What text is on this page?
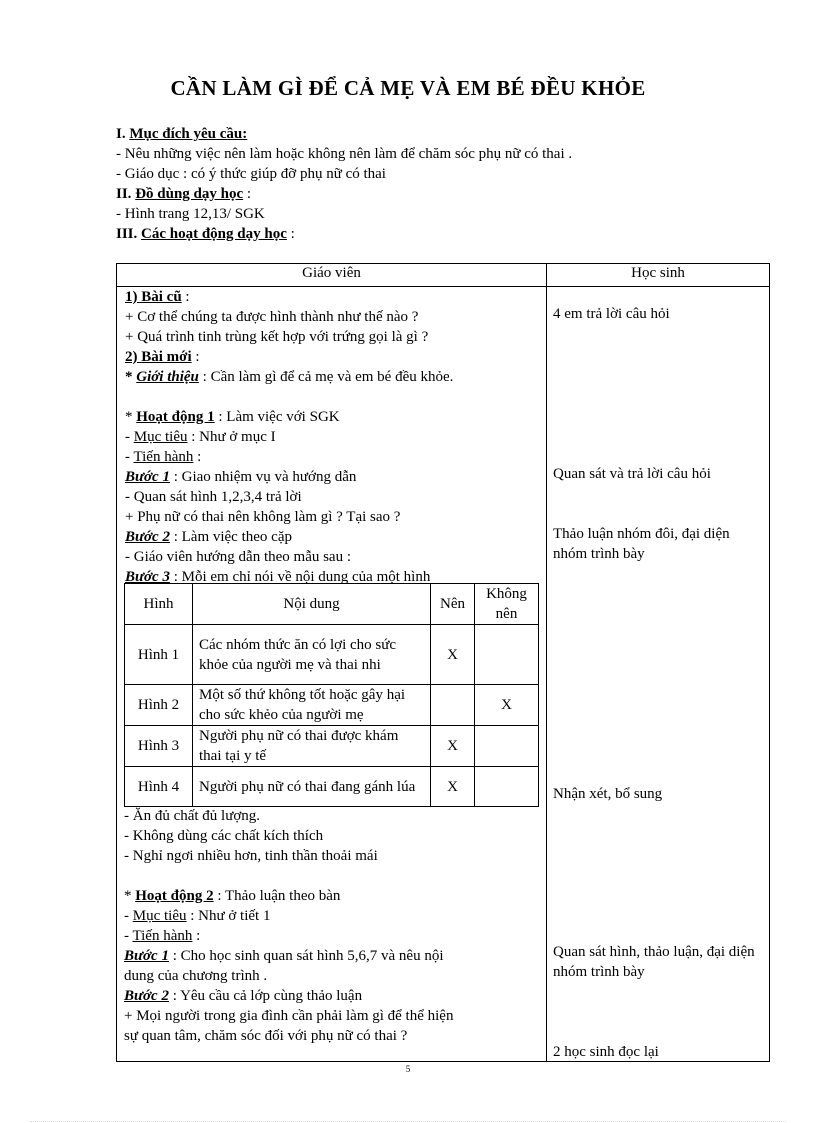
CẦN LÀM GÌ ĐỂ CẢ MẸ VÀ EM BÉ ĐỀU KHỎE
I. Mục đích yêu cầu:
- Nêu những việc nên làm hoặc không nên làm để chăm sóc phụ nữ có thai .
- Giáo dục : có ý thức giúp đỡ phụ nữ có thai
II. Đồ dùng dạy học :
- Hình trang 12,13/ SGK
III. Các hoạt động dạy học :
Giáo viên	Học sinh
1) Bài cũ :
+ Cơ thể chúng ta được hình thành như thế nào ?
+ Quá trình tinh trùng kết hợp với trứng gọi là gì ?
2) Bài mới :
* Giới thiệu : Cần làm gì để cả mẹ và em bé đều khỏe.
* Hoạt động 1 : Làm việc với SGK
- Mục tiêu : Như ở mục I
- Tiến hành :
Bước 1 : Giao nhiệm vụ và hướng dẫn
- Quan sát hình 1,2,3,4 trả lời
+ Phụ nữ có thai nên không làm gì ? Tại sao ?
Bước 2 : Làm việc theo cặp
- Giáo viên hướng dẫn theo mẫu sau :
Bước 3 : Mỗi em chỉ nói về nội dung của một hình
4 em trả lời câu hỏi
Quan sát và trả lời câu hỏi
Thảo luận nhóm đôi, đại diện nhóm trình bày
Nhận xét, bổ sung
Quan sát hình, thảo luận, đại diện nhóm trình bày
2 học sinh đọc lại
Hình	Nội dung	Nên	Không nên
Hình 1	Các nhóm thức ăn có lợi cho sức khỏe của người mẹ và thai nhi	X	
Hình 2	Một số thứ không tốt hoặc gây hại cho sức khẻo của người mẹ		X
Hình 3	Người phụ nữ có thai được khám thai tại y tế	X	
Hình 4	Người phụ nữ có thai đang gánh lúa	X	
- Ăn đủ chất đủ lượng.
- Không dùng các chất kích thích
- Nghỉ ngơi nhiều hơn, tinh thần thoải mái
* Hoạt động 2 : Thảo luận theo bàn
- Mục tiêu : Như ở tiết 1
- Tiến hành :
Bước 1 : Cho học sinh quan sát hình 5,6,7 và nêu nội
dung của chương trình .
Bước 2 : Yêu cầu cả lớp cùng thảo luận
+ Mọi người trong gia đình cần phải làm gì để thể hiện
sự quan tâm, chăm sóc đối với phụ nữ có thai ?
5
